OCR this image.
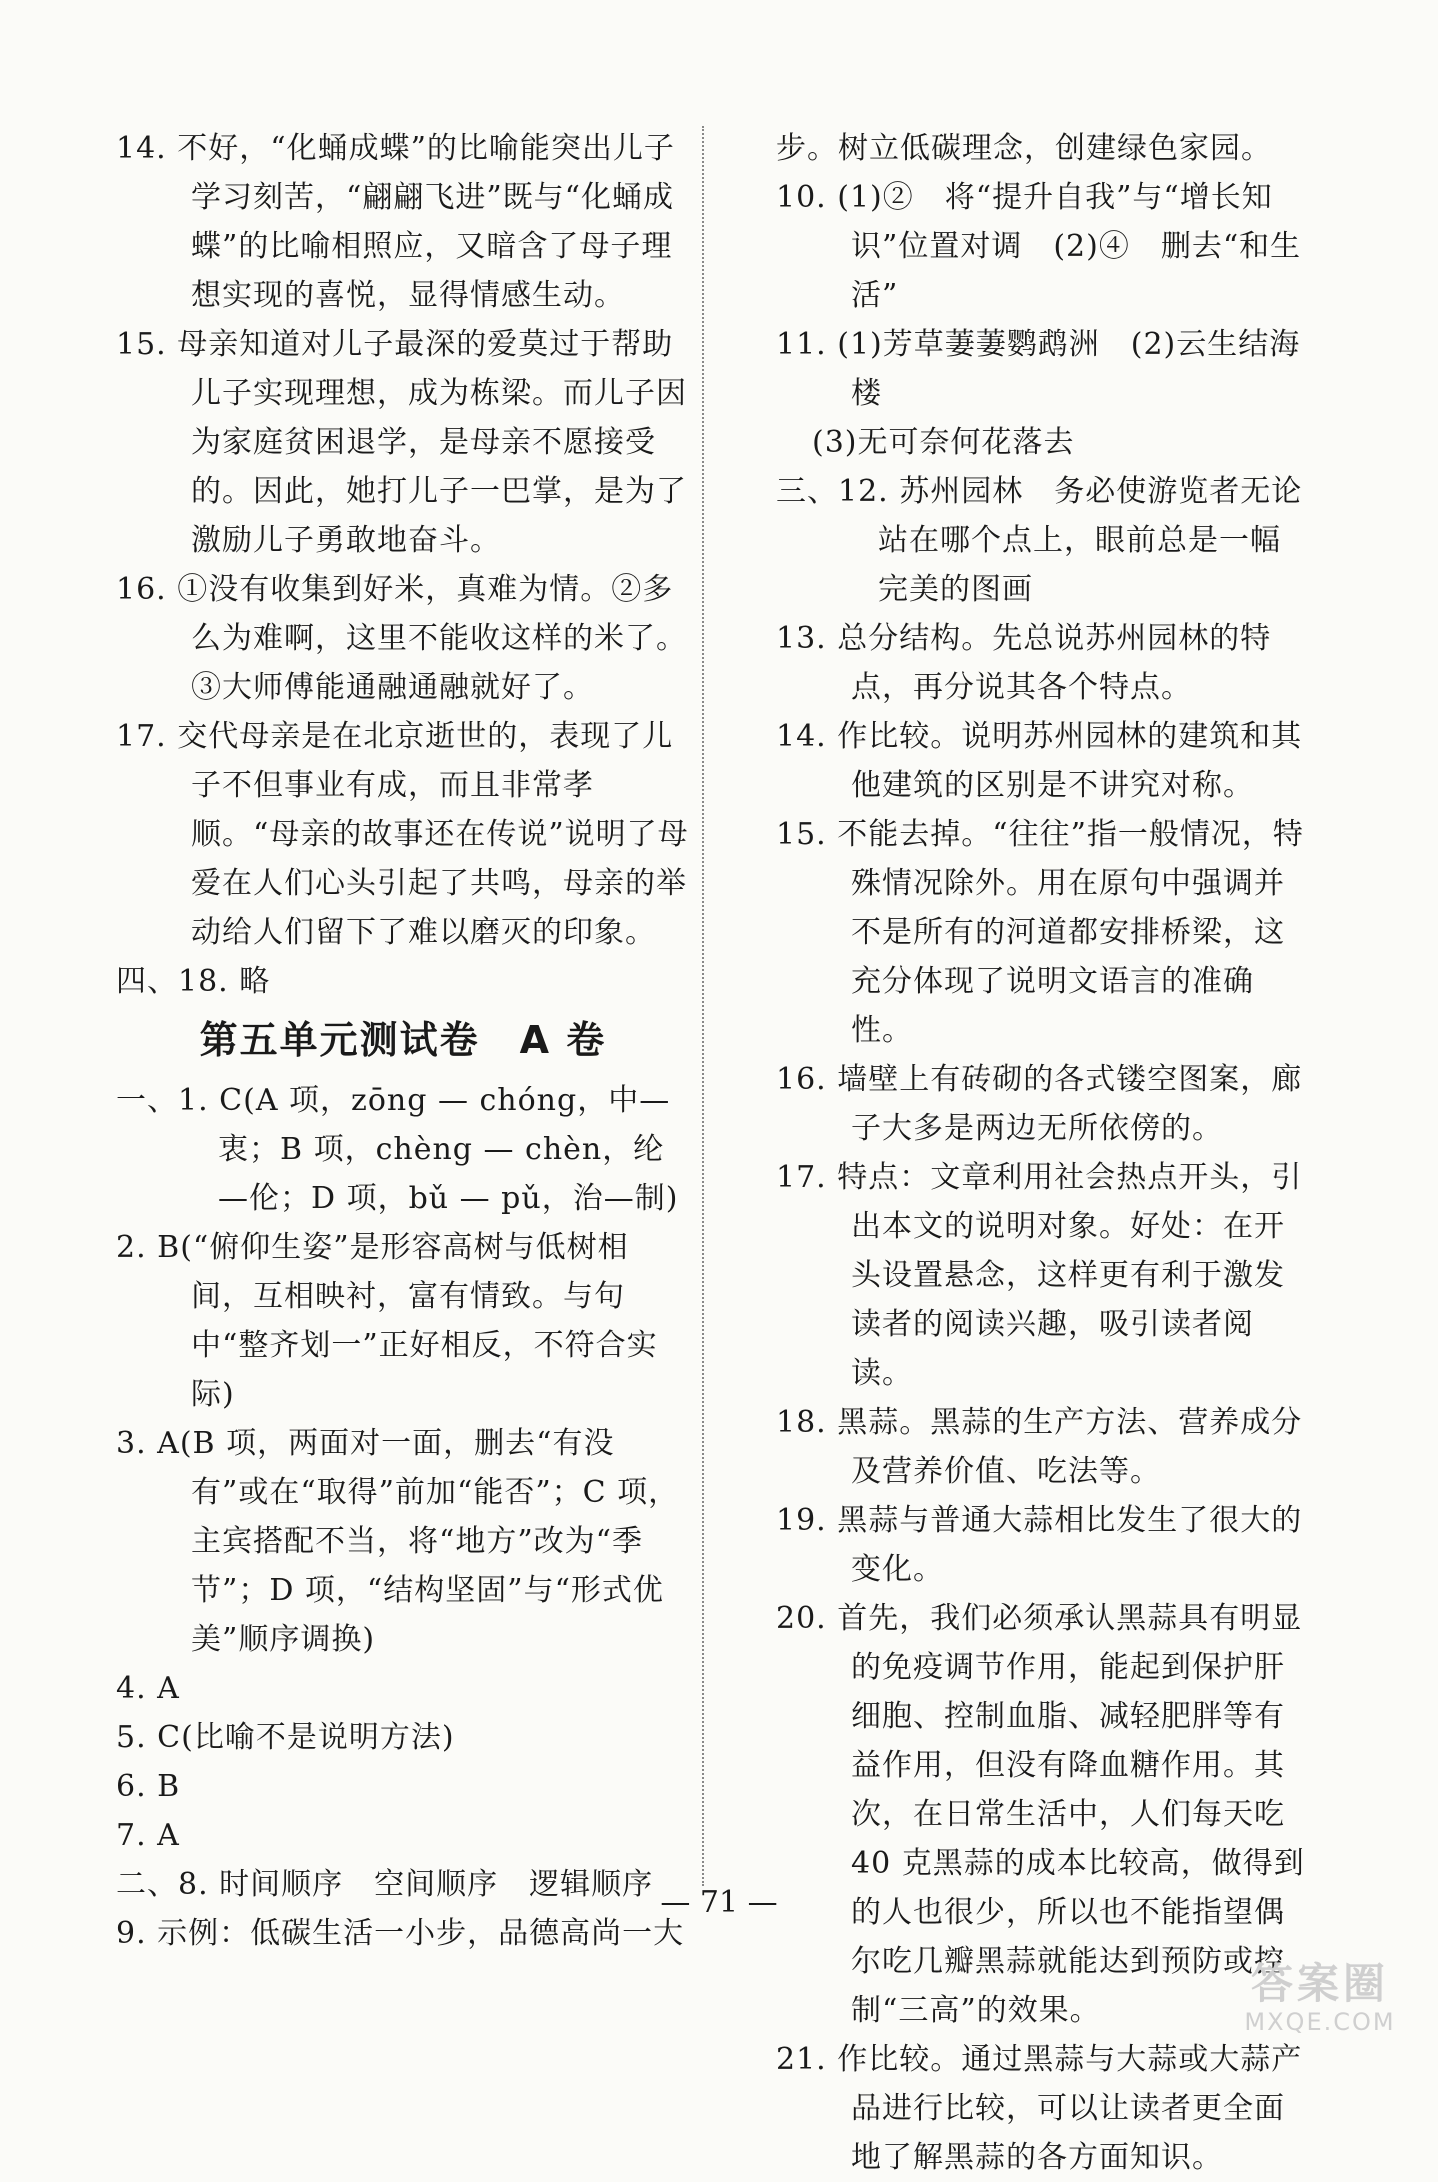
14. 不好，“化蛹成蝶”的比喻能突出儿子学习刻苦，“翩翩飞进”既与“化蛹成蝶”的比喻相照应，又暗含了母子理想实现的喜悦，显得情感生动。

15. 母亲知道对儿子最深的爱莫过于帮助儿子实现理想，成为栋梁。而儿子因为家庭贫困退学，是母亲不愿接受的。因此，她打儿子一巴掌，是为了激励儿子勇敢地奋斗。

16. ①没有收集到好米，真难为情。②多么为难啊，这里不能收这样的米了。③大师傅能通融通融就好了。

17. 交代母亲是在北京逝世的，表现了儿子不但事业有成，而且非常孝顺。“母亲的故事还在传说”说明了母爱在人们心头引起了共鸣，母亲的举动给人们留下了难以磨灭的印象。

四、18. 略

第五单元测试卷　A 卷

一、1. C(A 项，zōng — chóng，中—衷；B 项，chèng — chèn，纶—伦；D 项，bǔ — pǔ，治—制)

2. B(“俯仰生姿”是形容高树与低树相间，互相映衬，富有情致。与句中“整齐划一”正好相反，不符合实际)

3. A(B 项，两面对一面，删去“有没有”或在“取得”前加“能否”；C 项，主宾搭配不当，将“地方”改为“季节”；D 项，“结构坚固”与“形式优美”顺序调换)

4. A

5. C(比喻不是说明方法)

6. B

7. A

二、8. 时间顺序　空间顺序　逻辑顺序

9. 示例：低碳生活一小步，品德高尚一大

步。树立低碳理念，创建绿色家园。

10. (1)②　将“提升自我”与“增长知识”位置对调　(2)④　删去“和生活”

11. (1)芳草萋萋鹦鹉洲　(2)云生结海楼

(3)无可奈何花落去

三、12. 苏州园林　务必使游览者无论站在哪个点上，眼前总是一幅完美的图画

13. 总分结构。先总说苏州园林的特点，再分说其各个特点。

14. 作比较。说明苏州园林的建筑和其他建筑的区别是不讲究对称。

15. 不能去掉。“往往”指一般情况，特殊情况除外。用在原句中强调并不是所有的河道都安排桥梁，这充分体现了说明文语言的准确性。

16. 墙壁上有砖砌的各式镂空图案，廊子大多是两边无所依傍的。

17. 特点：文章利用社会热点开头，引出本文的说明对象。好处：在开头设置悬念，这样更有利于激发读者的阅读兴趣，吸引读者阅读。

18. 黑蒜。黑蒜的生产方法、营养成分及营养价值、吃法等。

19. 黑蒜与普通大蒜相比发生了很大的变化。

20. 首先，我们必须承认黑蒜具有明显的免疫调节作用，能起到保护肝细胞、控制血脂、减轻肥胖等有益作用，但没有降血糖作用。其次，在日常生活中，人们每天吃 40 克黑蒜的成本比较高，做得到的人也很少，所以也不能指望偶尔吃几瓣黑蒜就能达到预防或控制“三高”的效果。

21. 作比较。通过黑蒜与大蒜或大蒜产品进行比较，可以让读者更全面地了解黑蒜的各方面知识。

— 71 —
答案圈
MXQE.COM
